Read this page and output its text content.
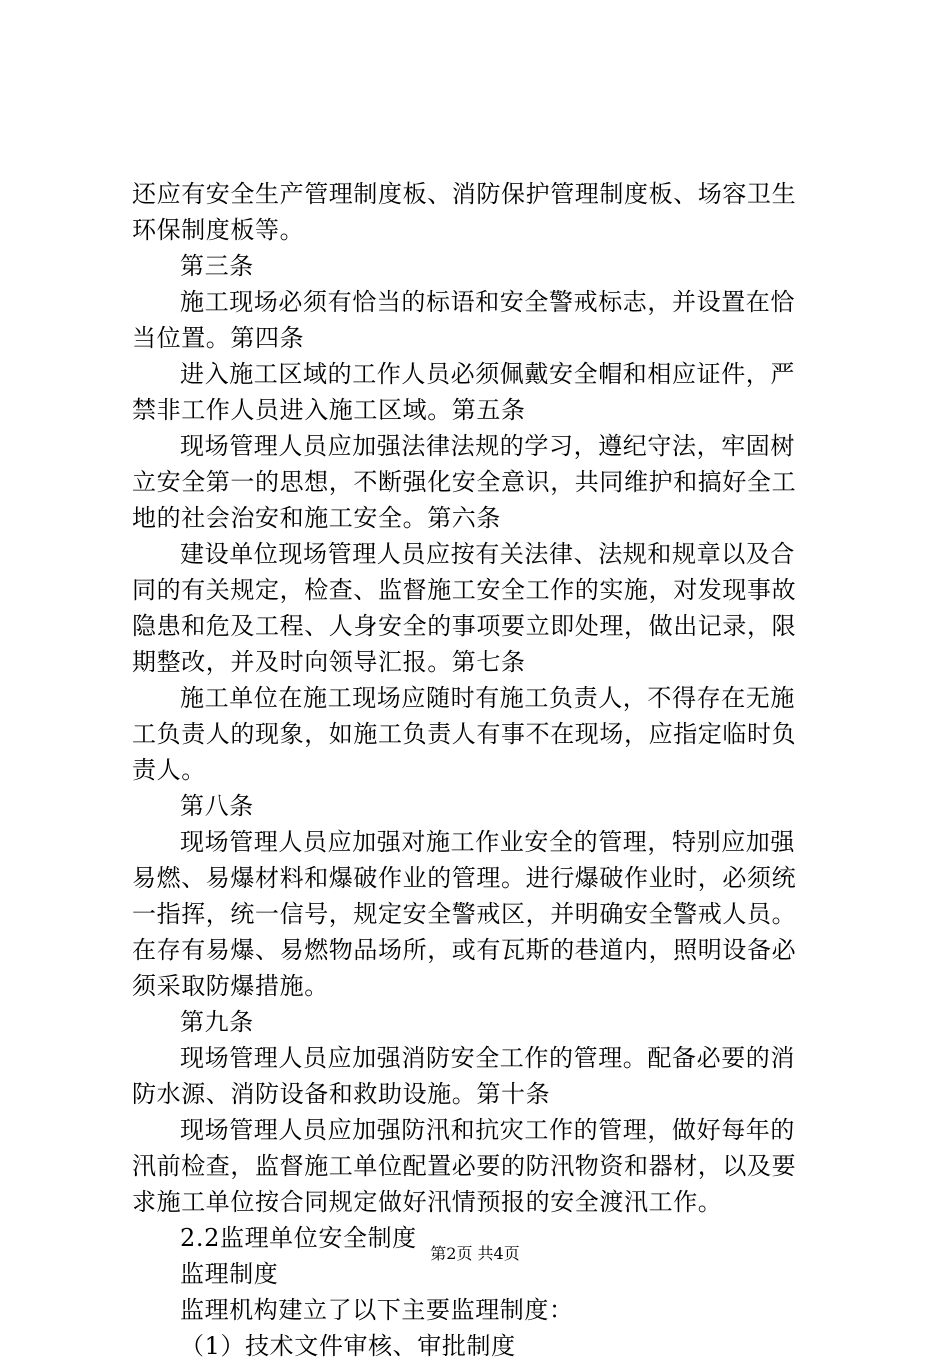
还应有安全生产管理制度板、消防保护管理制度板、场容卫生
环保制度板等。
第三条
施工现场必须有恰当的标语和安全警戒标志，并设置在恰
当位置。第四条
进入施工区域的工作人员必须佩戴安全帽和相应证件，严
禁非工作人员进入施工区域。第五条
现场管理人员应加强法律法规的学习，遵纪守法，牢固树
立安全第一的思想，不断强化安全意识，共同维护和搞好全工
地的社会治安和施工安全。第六条
建设单位现场管理人员应按有关法律、法规和规章以及合
同的有关规定，检查、监督施工安全工作的实施，对发现事故
隐患和危及工程、人身安全的事项要立即处理，做出记录，限
期整改，并及时向领导汇报。第七条
施工单位在施工现场应随时有施工负责人，不得存在无施
工负责人的现象，如施工负责人有事不在现场，应指定临时负
责人。
第八条
现场管理人员应加强对施工作业安全的管理，特别应加强
易燃、易爆材料和爆破作业的管理。进行爆破作业时，必须统
一指挥，统一信号，规定安全警戒区，并明确安全警戒人员。
在存有易爆、易燃物品场所，或有瓦斯的巷道内，照明设备必
须采取防爆措施。
第九条
现场管理人员应加强消防安全工作的管理。配备必要的消
防水源、消防设备和救助设施。第十条
现场管理人员应加强防汛和抗灾工作的管理，做好每年的
汛前检查，监督施工单位配置必要的防汛物资和器材，以及要
求施工单位按合同规定做好汛情预报的安全渡汛工作。
2.2监理单位安全制度
监理制度
监理机构建立了以下主要监理制度：
（1）技术文件审核、审批制度
第2页 共4页
